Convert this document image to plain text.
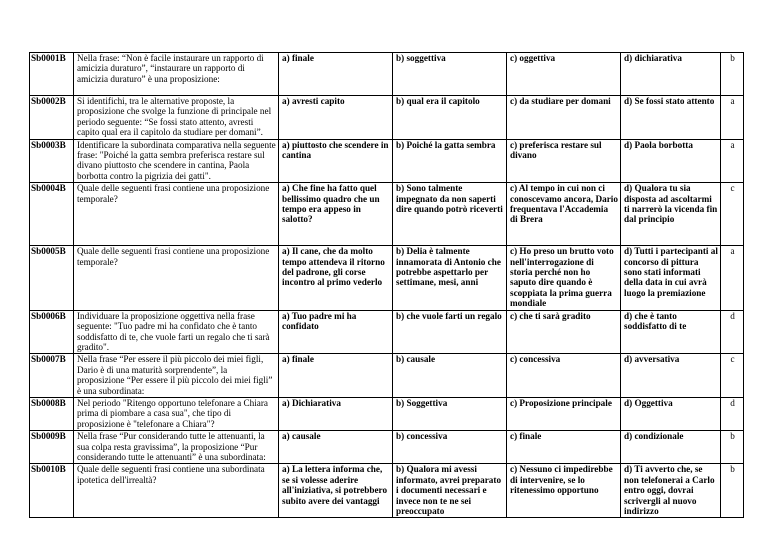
Sb0001B	Nella frase: “Non è facile instaurare un rapporto di amicizia duraturo”, “instaurare un rapporto di amicizia duraturo” è una proposizione:	a) finale	b) soggettiva	c) oggettiva	d) dichiarativa	b
Sb0002B	Si identifichi, tra le alternative proposte, la proposizione che svolge la funzione di principale nel periodo seguente: “Se fossi stato attento, avresti capito qual era il capitolo da studiare per domani”.	a) avresti capito	b) qual era il capitolo	c) da studiare per domani	d) Se fossi stato attento	a
Sb0003B	Identificare la subordinata comparativa nella seguente frase: "Poiché la gatta sembra preferisca restare sul divano piuttosto che scendere in cantina, Paola borbotta contro la pigrizia dei gatti".	a) piuttosto che scendere in cantina	b) Poiché la gatta sembra	c) preferisca restare sul divano	d) Paola borbotta	a
Sb0004B	Quale delle seguenti frasi contiene una proposizione temporale?	a) Che fine ha fatto quel bellissimo quadro che un tempo era appeso in salotto?	b) Sono talmente impegnato da non saperti dire quando potrò riceverti	c) Al tempo in cui non ci conoscevamo ancora, Dario frequentava l'Accademia di Brera	d) Qualora tu sia disposta ad ascoltarmi ti narrerò la vicenda fin dal principio	c
Sb0005B	Quale delle seguenti frasi contiene una proposizione temporale?	a) Il cane, che da molto tempo attendeva il ritorno del padrone, gli corse incontro al primo vederlo	b) Delia è talmente innamorata di Antonio che potrebbe aspettarlo per settimane, mesi, anni	c) Ho preso un brutto voto nell'interrogazione di storia perché non ho saputo dire quando è scoppiata la prima guerra mondiale	d) Tutti i partecipanti al concorso di pittura sono stati informati della data in cui avrà luogo la premiazione	a
Sb0006B	Individuare la proposizione oggettiva nella frase seguente: "Tuo padre mi ha confidato che è tanto soddisfatto di te, che vuole farti un regalo che ti sarà gradito".	a) Tuo padre mi ha confidato	b) che vuole farti un regalo	c) che ti sarà gradito	d) che è tanto soddisfatto di te	d
Sb0007B	Nella frase “Per essere il più piccolo dei miei figli, Dario è di una maturità sorprendente”, la proposizione “Per essere il più piccolo dei miei figli” è una subordinata:	a) finale	b) causale	c) concessiva	d) avversativa	c
Sb0008B	Nel periodo "Ritengo opportuno telefonare a Chiara prima di piombare a casa sua", che tipo di proposizione è "telefonare a Chiara"?	a) Dichiarativa	b) Soggettiva	c) Proposizione principale	d) Oggettiva	d
Sb0009B	Nella frase “Pur considerando tutte le attenuanti, la sua colpa resta gravissima”, la proposizione “Pur considerando tutte le attenuanti” è una subordinata:	a) causale	b) concessiva	c) finale	d) condizionale	b
Sb0010B	Quale delle seguenti frasi contiene una subordinata ipotetica dell'irrealtà?	a) La lettera informa che, se si volesse aderire all'iniziativa, si potrebbero subito avere dei vantaggi	b) Qualora mi avessi informato, avrei preparato i documenti necessari e invece non te ne sei preoccupato	c) Nessuno ci impedirebbe di intervenire, se lo ritenessimo opportuno	d) Ti avverto che, se non telefonerai a Carlo entro oggi, dovrai scrivergli al nuovo indirizzo	b
